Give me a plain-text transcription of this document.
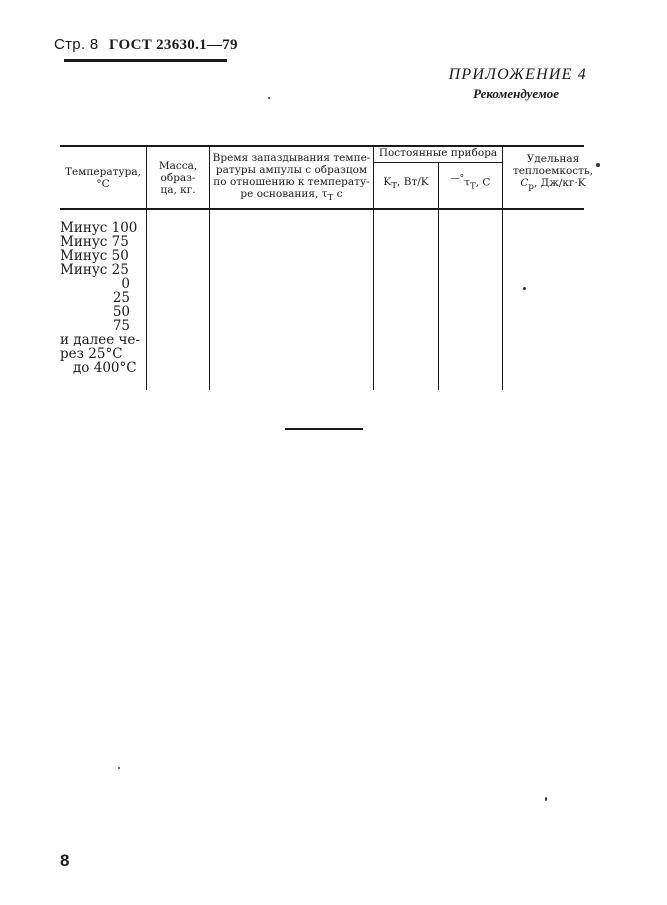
Стр. 8 ГОСТ 23630.1—79
ПРИЛОЖЕНИЕ 4
Рекомендуемое
Температура,
°C
Масса,
образ-
ца, кг.
Время запаздывания темпе-
ратуры ампулы с образцом
по отношению к температу-
ре основания, $\tau_T$ c
Постоянные прибора
$K_T$, Вт/K	$—^\circ\tau_T$, C
Удельная
теплоемкость,
$C_p$, Дж/кг·K
Минус 100
Минус 75
Минус 50
Минус 25
0
25
50
75
и далее че-
рез 25°C
до 400°C
8
